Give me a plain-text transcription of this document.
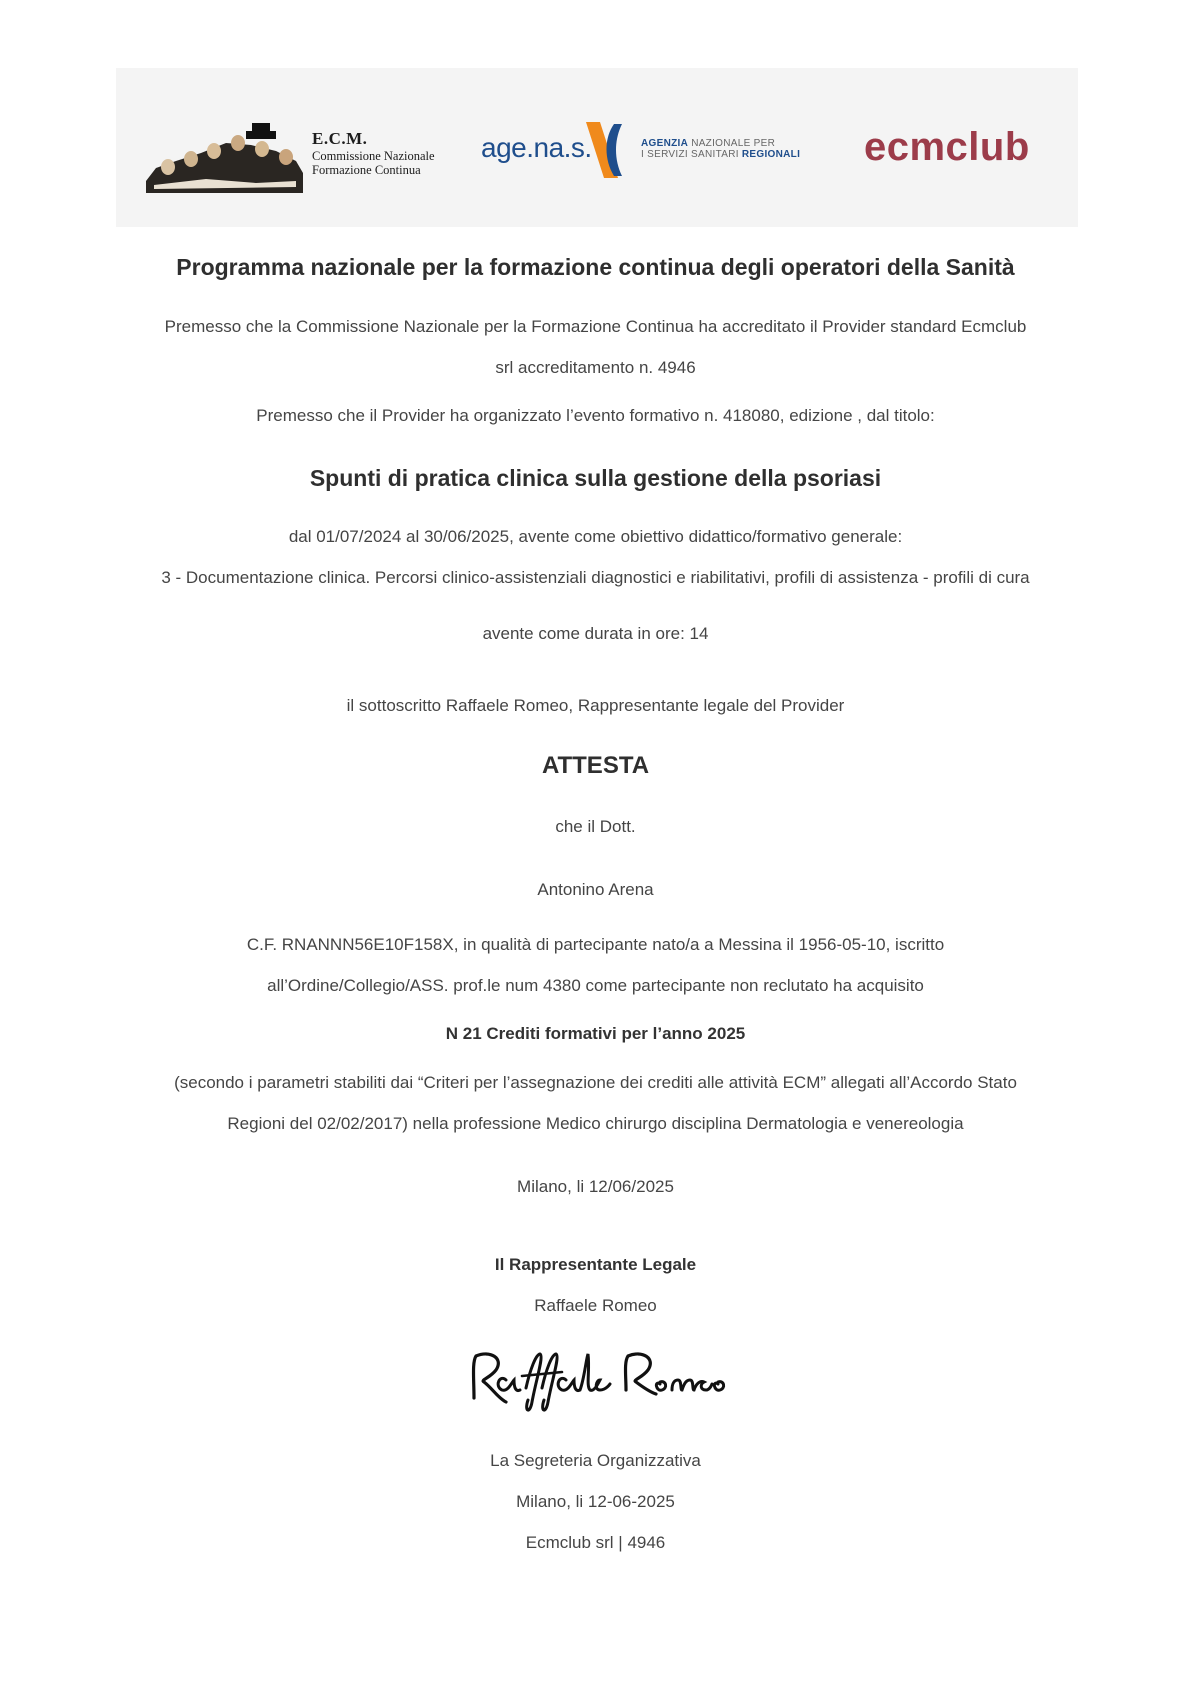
E.C.M.
Commissione Nazionale
Formazione Continua
age.na.s.	AGENZIA NAZIONALE PER
I SERVIZI SANITARI REGIONALI ecmclub
Programma nazionale per la formazione continua degli operatori della Sanità
Premesso che la Commissione Nazionale per la Formazione Continua ha accreditato il Provider standard Ecmclub
srl accreditamento n. 4946
Premesso che il Provider ha organizzato l’evento formativo n. 418080, edizione , dal titolo:
Spunti di pratica clinica sulla gestione della psoriasi
dal 01/07/2024 al 30/06/2025, avente come obiettivo didattico/formativo generale:
3 - Documentazione clinica. Percorsi clinico-assistenziali diagnostici e riabilitativi, profili di assistenza - profili di cura
avente come durata in ore: 14
il sottoscritto Raffaele Romeo, Rappresentante legale del Provider
ATTESTA
che il Dott.
Antonino Arena
C.F. RNANNN56E10F158X, in qualità di partecipante nato/a a Messina il 1956-05-10, iscritto
all’Ordine/Collegio/ASS. prof.le num 4380 come partecipante non reclutato ha acquisito
N 21 Crediti formativi per l’anno 2025
(secondo i parametri stabiliti dai “Criteri per l’assegnazione dei crediti alle attività ECM” allegati all’Accordo Stato
Regioni del 02/02/2017) nella professione Medico chirurgo disciplina Dermatologia e venereologia
Milano, li 12/06/2025
Il Rappresentante Legale
Raffaele Romeo
La Segreteria Organizzativa
Milano, li 12-06-2025
Ecmclub srl | 4946
